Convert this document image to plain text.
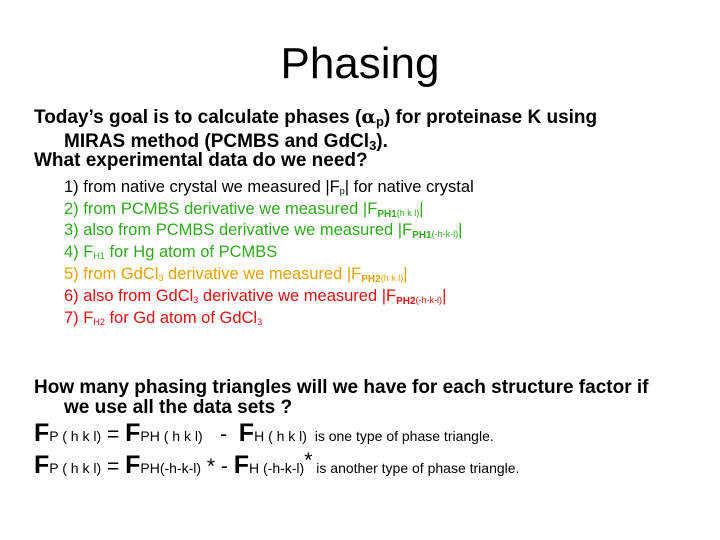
Phasing
Today’s goal is to calculate phases $(\alpha_p)$ for proteinase K using
MIRAS method (PCMBS and GdCl$_3$).
What experimental data do we need?
1) from native crystal we measured |Fp| for native crystal
2) from PCMBS derivative we measured |FPH1(h k l)|
3) also from PCMBS derivative we measured |FPH1(-h-k-l)|
4) FH1 for Hg atom of PCMBS
5) from GdCl3 derivative we measured |FPH2(h k l)|
6) also from GdCl3 derivative we measured |FPH2(-h-k-l)|
7) FH2 for Gd atom of GdCl3
How many phasing triangles will we have for each structure factor if
we use all the data sets ?
FP ( h k l) = FPH ( h k l)   -  FH ( h k l)  is one type of phase triangle.
FP ( h k l) = FPH(-h-k-l) * - FH (-h-k-l)* is another type of phase triangle.
